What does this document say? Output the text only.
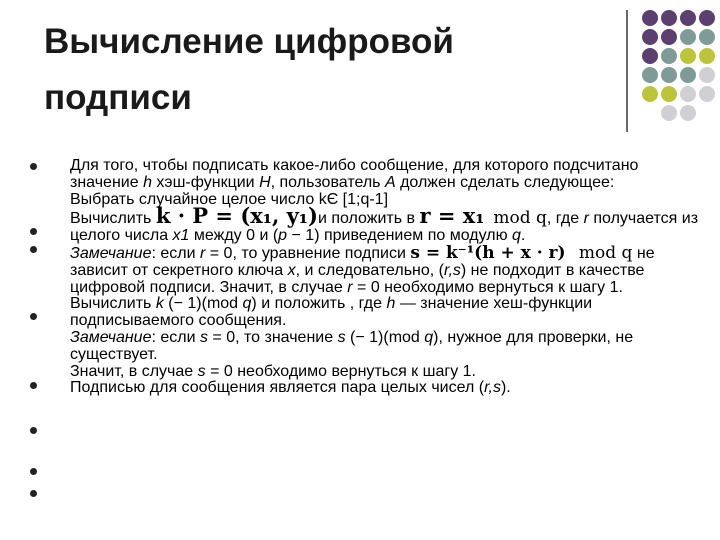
Вычисление цифровой
подписи

Для того, чтобы подписать какое-либо сообщение, для которого подсчитано значение h хэш-функции H, пользователь A должен сделать следующее:

Выбрать случайное целое число kЄ [1;q-1]

Вычислить k · P = (x₁, y₁)и положить в r = x₁ mod q, где r получается из целого числа x1 между 0 и (p − 1) приведением по модулю q.

Замечание: если r = 0, то уравнение подписи s = k⁻¹(h + x · r) mod q не зависит от секретного ключа x, и следовательно, (r,s) не подходит в качестве цифровой подписи. Значит, в случае r = 0 необходимо вернуться к шагу 1.

Вычислить k (− 1)(mod q) и положить , где h — значение хеш-функции подписываемого сообщения.

Замечание: если s = 0, то значение s (− 1)(mod q), нужное для проверки, не существует.

Значит, в случае s = 0 необходимо вернуться к шагу 1.

Подписью для сообщения является пара целых чисел (r,s).
